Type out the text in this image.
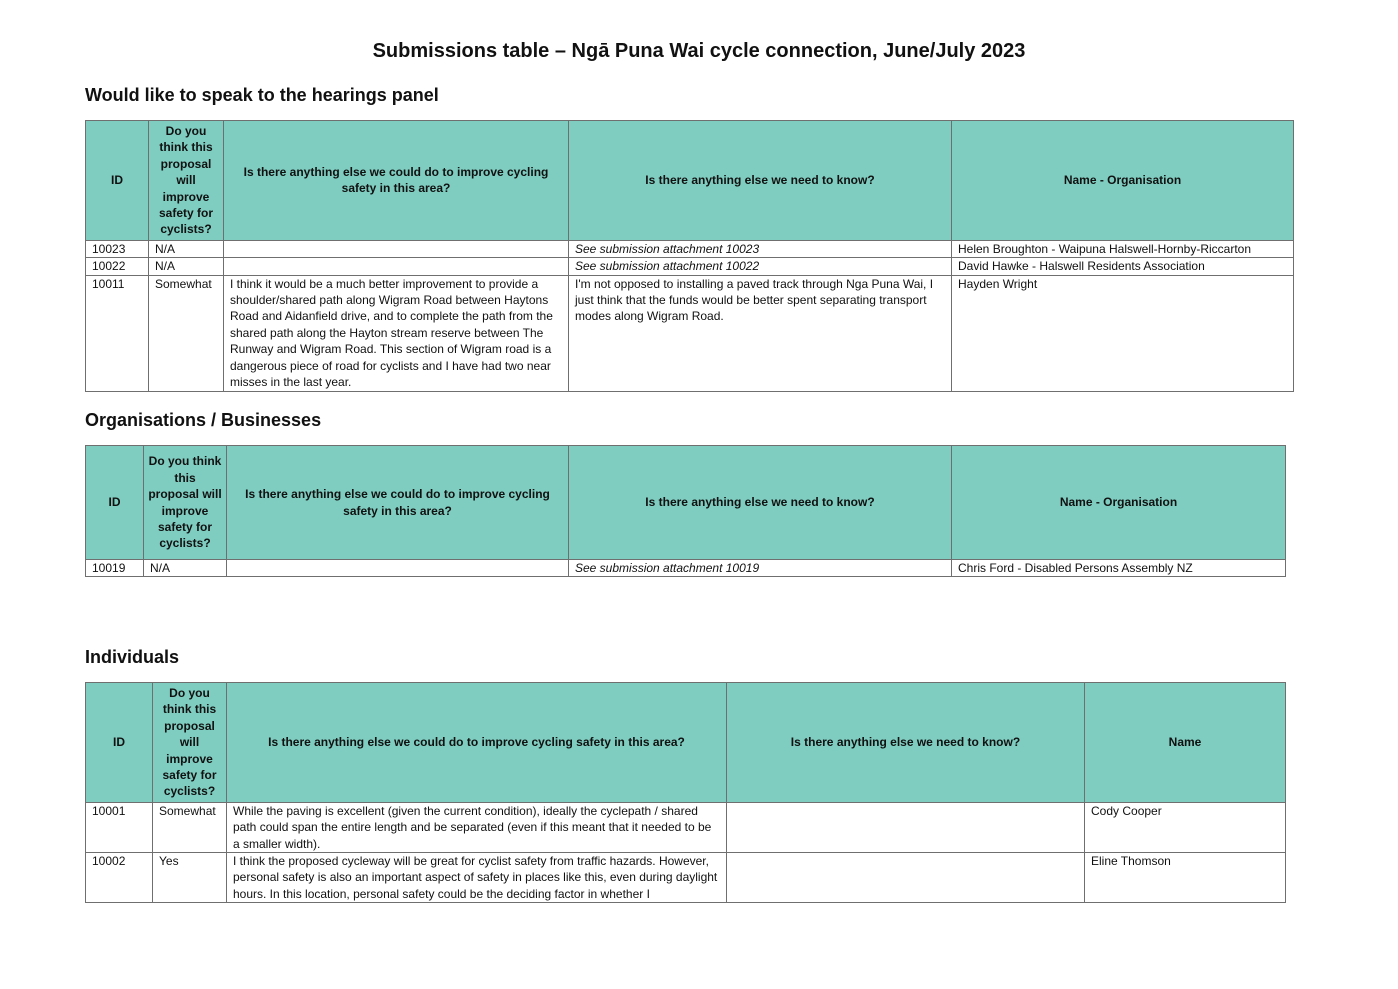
Submissions table – Ngā Puna Wai cycle connection, June/July 2023
Would like to speak to the hearings panel
ID	Do you think this proposal will improve safety for cyclists?	Is there anything else we could do to improve cycling safety in this area?	Is there anything else we need to know?	Name - Organisation
10023	N/A		See submission attachment 10023	Helen Broughton - Waipuna Halswell-Hornby-Riccarton
10022	N/A		See submission attachment 10022	David Hawke - Halswell Residents Association
10011	Somewhat	I think it would be a much better improvement to provide a shoulder/shared path along Wigram Road between Haytons Road and Aidanfield drive, and to complete the path from the shared path along the Hayton stream reserve between The Runway and Wigram Road. This section of Wigram road is a dangerous piece of road for cyclists and I have had two near misses in the last year.	I'm not opposed to installing a paved track through Nga Puna Wai, I just think that the funds would be better spent separating transport modes along Wigram Road.	Hayden Wright
Organisations / Businesses
ID	Do you think this proposal will improve safety for cyclists?	Is there anything else we could do to improve cycling safety in this area?	Is there anything else we need to know?	Name - Organisation
10019	N/A		See submission attachment 10019	Chris Ford - Disabled Persons Assembly NZ
Individuals
ID	Do you think this proposal will improve safety for cyclists?	Is there anything else we could do to improve cycling safety in this area?	Is there anything else we need to know?	Name
10001	Somewhat	While the paving is excellent (given the current condition), ideally the cyclepath / shared path could span the entire length and be separated (even if this meant that it needed to be a smaller width).		Cody Cooper
10002	Yes	I think the proposed cycleway will be great for cyclist safety from traffic hazards. However, personal safety is also an important aspect of safety in places like this, even during daylight hours. In this location, personal safety could be the deciding factor in whether I		Eline Thomson
